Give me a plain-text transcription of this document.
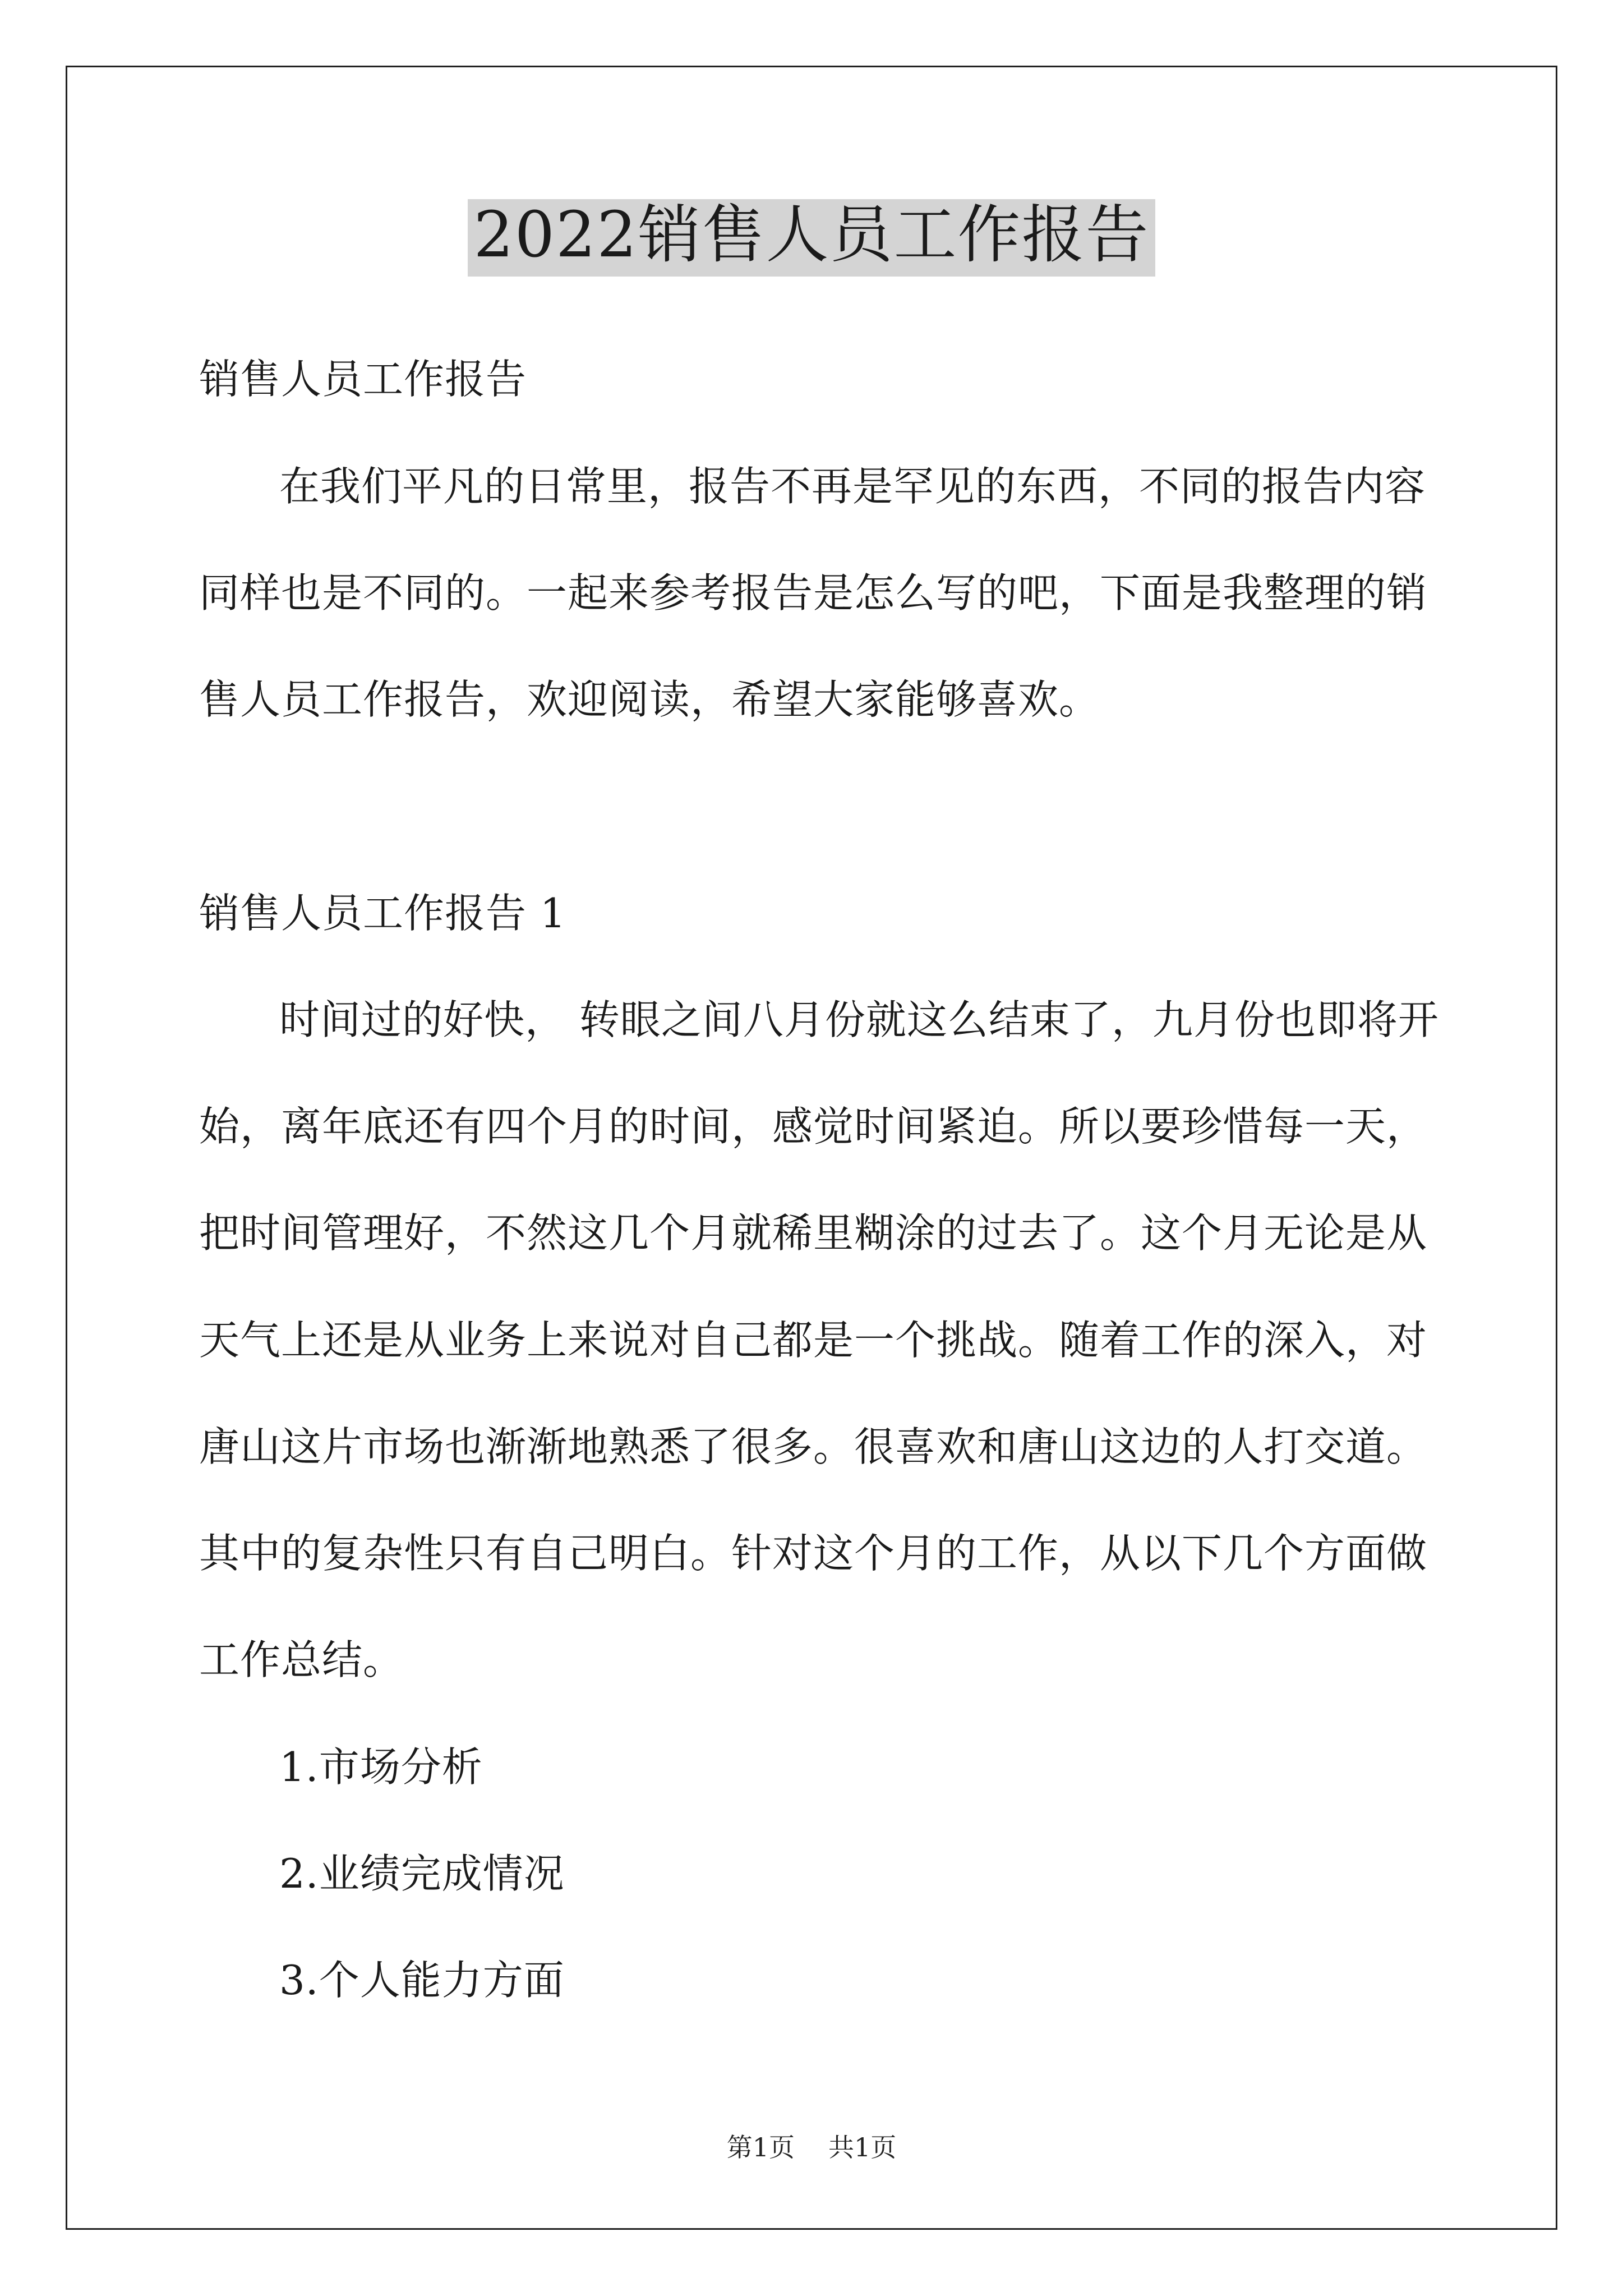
2022销售人员工作报告

销售人员工作报告

在我们平凡的日常里，报告不再是罕见的东西，不同的报告内容

同样也是不同的。一起来参考报告是怎么写的吧，下面是我整理的销

售人员工作报告，欢迎阅读，希望大家能够喜欢。

销售人员工作报告 1

时间过的好快， 转眼之间八月份就这么结束了，九月份也即将开

始，离年底还有四个月的时间，感觉时间紧迫。所以要珍惜每一天，

把时间管理好，不然这几个月就稀里糊涂的过去了。这个月无论是从

天气上还是从业务上来说对自己都是一个挑战。随着工作的深入，对

唐山这片市场也渐渐地熟悉了很多。很喜欢和唐山这边的人打交道。

其中的复杂性只有自己明白。针对这个月的工作，从以下几个方面做

工作总结。

1.市场分析

2.业绩完成情况

3.个人能力方面

第1页 共1页
